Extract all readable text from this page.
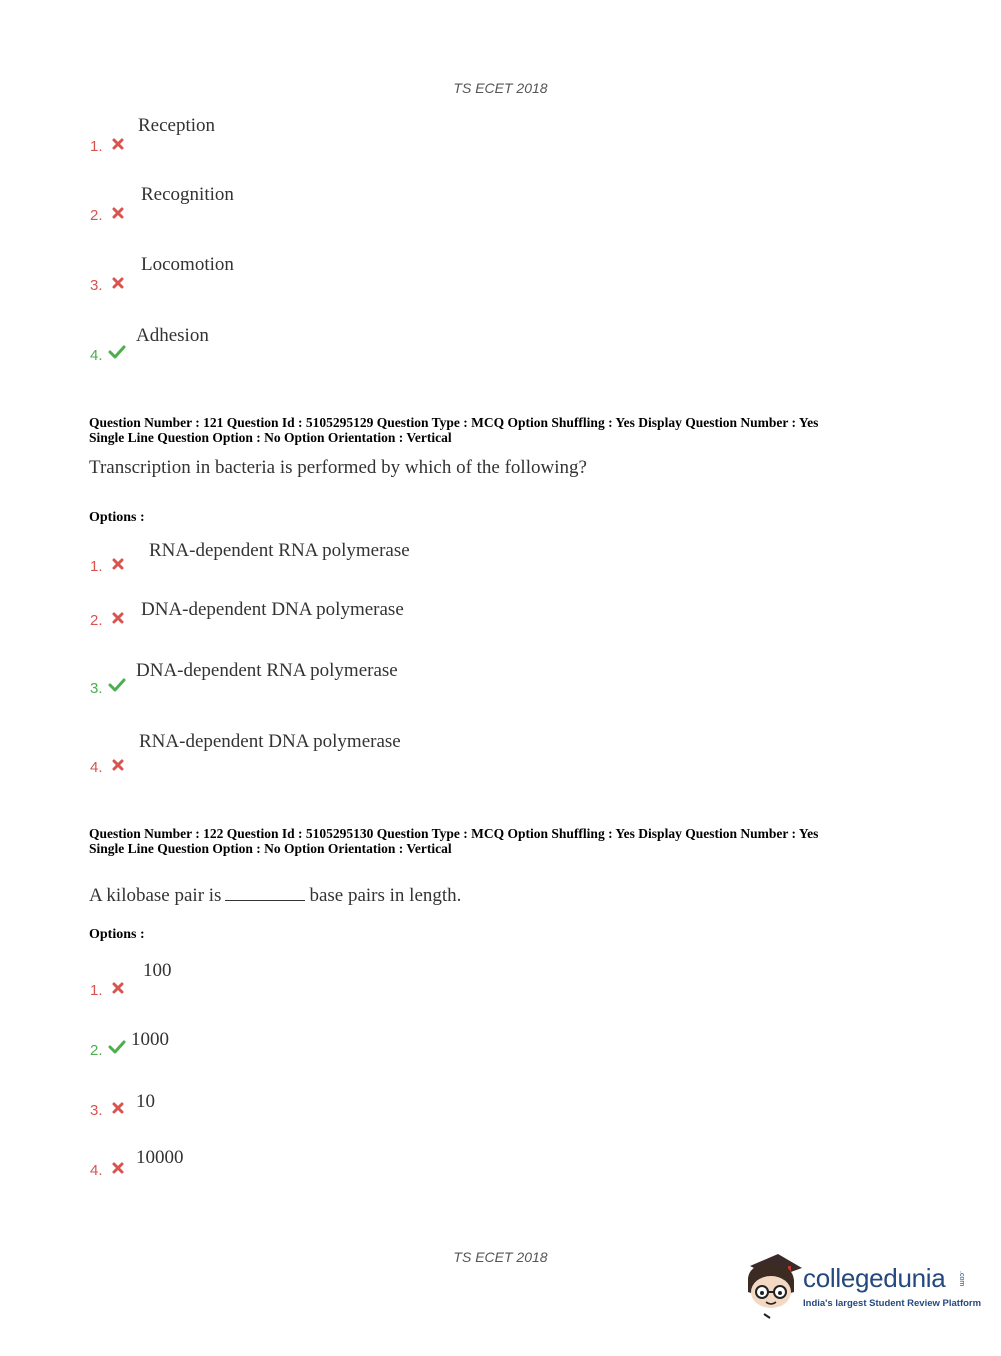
TS ECET 2018
1.
Reception
2.
Recognition
3.
Locomotion
4.
Adhesion
Question Number : 121 Question Id : 5105295129 Question Type : MCQ Option Shuffling : Yes Display Question Number : Yes
Single Line Question Option : No Option Orientation : Vertical
Transcription in bacteria is performed by which of the following?
Options :
1.
RNA-dependent RNA polymerase
2.
DNA-dependent DNA polymerase
3.
DNA-dependent RNA polymerase
4.
RNA-dependent DNA polymerase
Question Number : 122 Question Id : 5105295130 Question Type : MCQ Option Shuffling : Yes Display Question Number : Yes
Single Line Question Option : No Option Orientation : Vertical
A kilobase pair is	base pairs in length.
Options :
1.
100
2.
1000
3. 10
4.
10000
TS ECET 2018
collegedunia .com
India's largest Student Review Platform
